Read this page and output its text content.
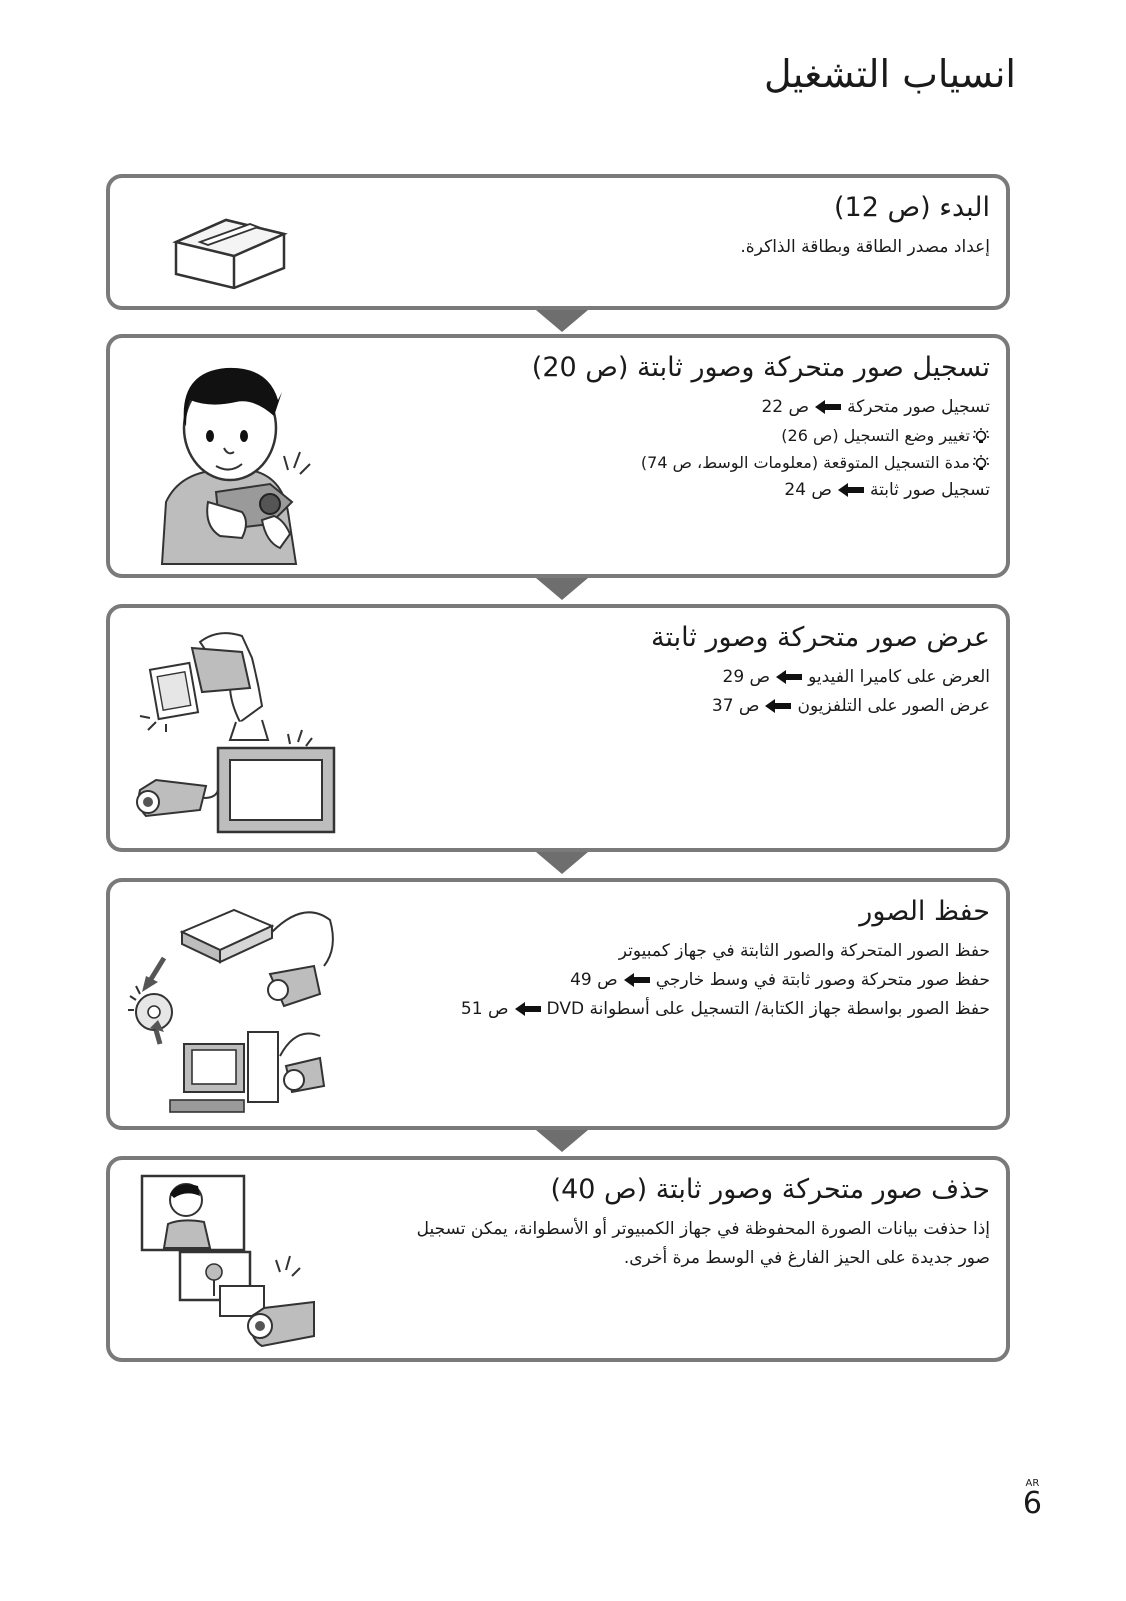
انسياب التشغيل
البدء (ص 12)

إعداد مصدر الطاقة وبطاقة الذاكرة.

تسجيل صور متحركة وصور ثابتة (ص 20)

تسجيل صور متحركةص 22

تغيير وضع التسجيل (ص 26)

مدة التسجيل المتوقعة (معلومات الوسط، ص 74)

تسجيل صور ثابتةص 24

عرض صور متحركة وصور ثابتة

العرض على كاميرا الفيديوص 29

عرض الصور على التلفزيونص 37

حفظ الصور

حفظ الصور المتحركة والصور الثابتة في جهاز كمبيوتر

حفظ صور متحركة وصور ثابتة في وسط خارجيص 49

حفظ الصور بواسطة جهاز الكتابة/ التسجيل على أسطوانة DVDص 51

حذف صور متحركة وصور ثابتة (ص 40)

إذا حذفت بيانات الصورة المحفوظة في جهاز الكمبيوتر أو الأسطوانة، يمكن تسجيل

صور جديدة على الحيز الفارغ في الوسط مرة أخرى.

AR
6
